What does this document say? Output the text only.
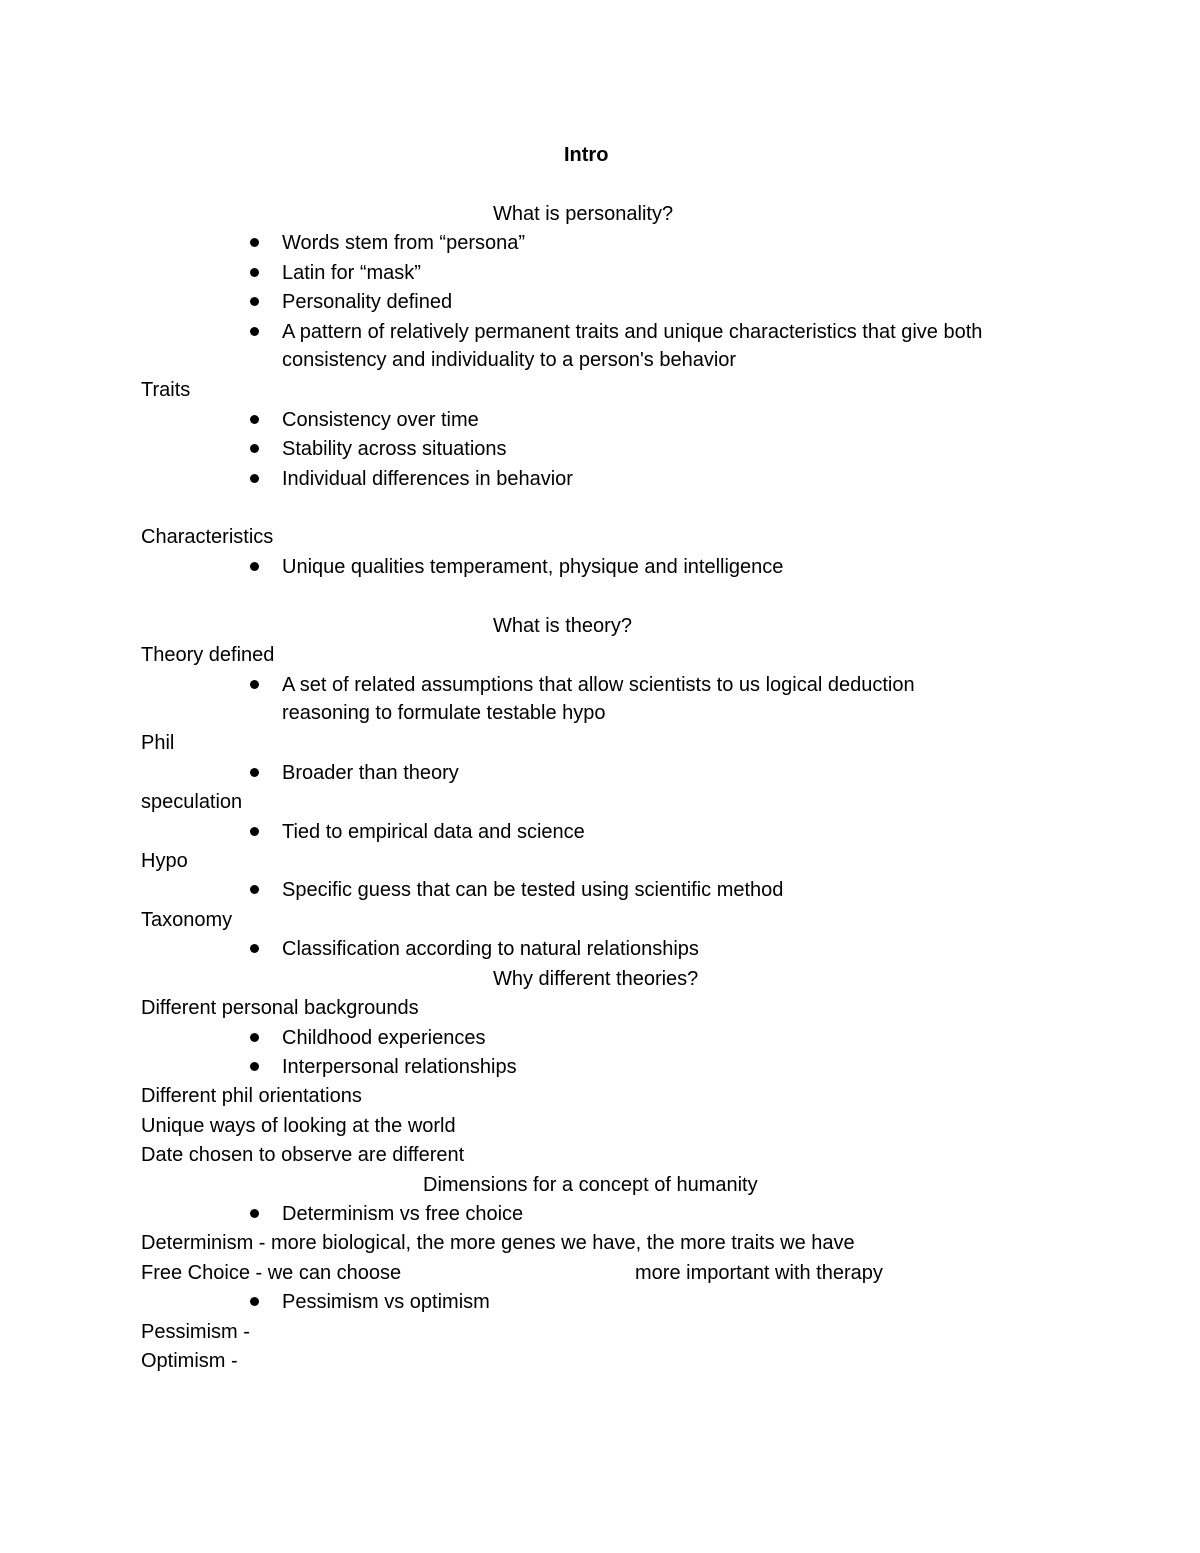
Intro
What is personality?
Words stem from “persona”
Latin for “mask”
Personality defined
A pattern of relatively permanent traits and unique characteristics that give both
consistency and individuality to a person's behavior
Traits
Consistency over time
Stability across situations
Individual differences in behavior
Characteristics
Unique qualities temperament, physique and intelligence
What is theory?
Theory defined
A set of related assumptions that allow scientists to us logical deduction
reasoning to formulate testable hypo
Phil
Broader than theory
speculation
Tied to empirical data and science
Hypo
Specific guess that can be tested using scientific method
Taxonomy
Classification according to natural relationships
Why different theories?
Different personal backgrounds
Childhood experiences
Interpersonal relationships
Different phil orientations
Unique ways of looking at the world
Date chosen to observe are different
Dimensions for a concept of humanity
Determinism vs free choice
Determinism - more biological, the more genes we have, the more traits we have
Free Choice - we can choose	more important with therapy
Pessimism vs optimism
Pessimism -
Optimism -
